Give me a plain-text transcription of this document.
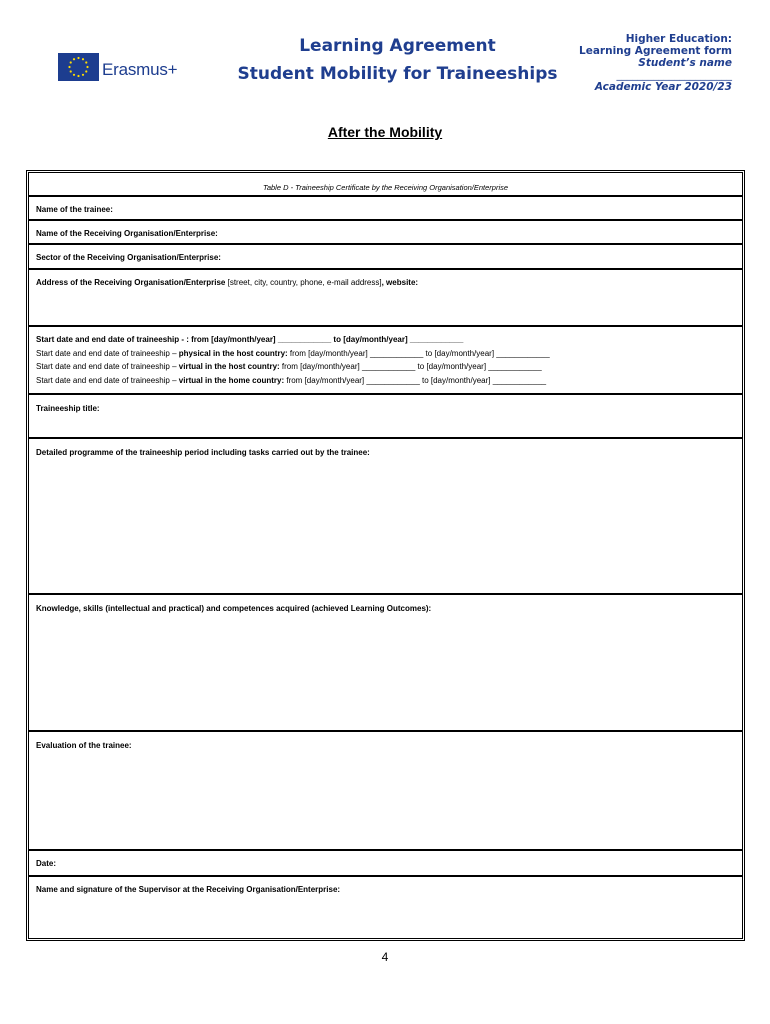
Erasmus+
Learning Agreement
Student Mobility for Traineeships
Higher Education:
Learning Agreement form
Student’s name
______________________
Academic Year 2020/23
After the Mobility
Table D - Traineeship Certificate by the Receiving Organisation/Enterprise
Name of the trainee:
Name of the Receiving Organisation/Enterprise:
Sector of the Receiving Organisation/Enterprise:
Address of the Receiving Organisation/Enterprise [street, city, country, phone, e-mail address], website:
Start date and end date of traineeship - : from [day/month/year] ____________ to [day/month/year] ____________
Start date and end date of traineeship – physical in the host country: from [day/month/year] ____________ to [day/month/year] ____________
Start date and end date of traineeship – virtual in the host country: from [day/month/year] ____________ to [day/month/year] ____________
Start date and end date of traineeship – virtual in the home country: from [day/month/year] ____________ to [day/month/year] ____________
Traineeship title:
Detailed programme of the traineeship period including tasks carried out by the trainee:
Knowledge, skills (intellectual and practical) and competences acquired (achieved Learning Outcomes):
Evaluation of the trainee:
Date:
Name and signature of the Supervisor at the Receiving Organisation/Enterprise:
4
